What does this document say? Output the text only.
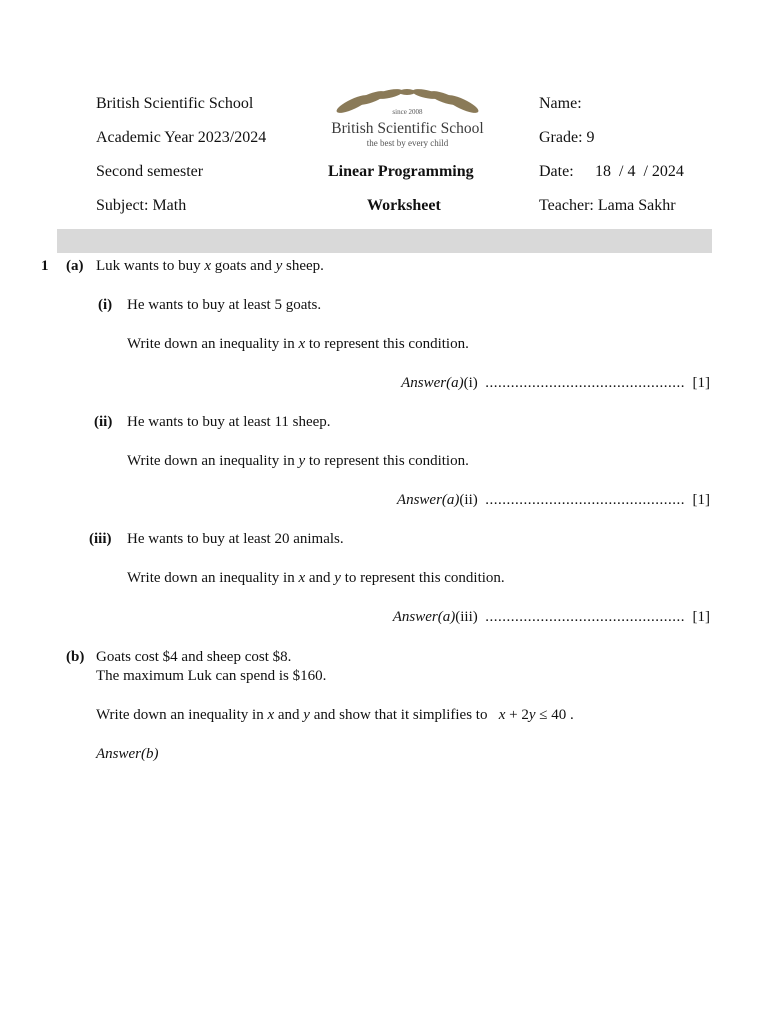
British Scientific School
Academic Year 2023/2024
Second semester
Subject: Math
since 2008
British Scientific School
the best by every child
Linear Programming
Worksheet
Name:
Grade: 9
Date: 18  / 4  / 2024
Teacher: Lama Sakhr
1 (a) Luk wants to buy x goats and y sheep.
(i) He wants to buy at least 5 goats.
Write down an inequality in x to represent this condition.
Answer(a)(i) ............................................... [1]
(ii) He wants to buy at least 11 sheep.
Write down an inequality in y to represent this condition.
Answer(a)(ii) ............................................... [1]
(iii) He wants to buy at least 20 animals.
Write down an inequality in x and y to represent this condition.
Answer(a)(iii) ............................................... [1]
(b) Goats cost $4 and sheep cost $8.
The maximum Luk can spend is $160.
Write down an inequality in x and y and show that it simplifies to x + 2y ≤ 40 .
Answer(b)
